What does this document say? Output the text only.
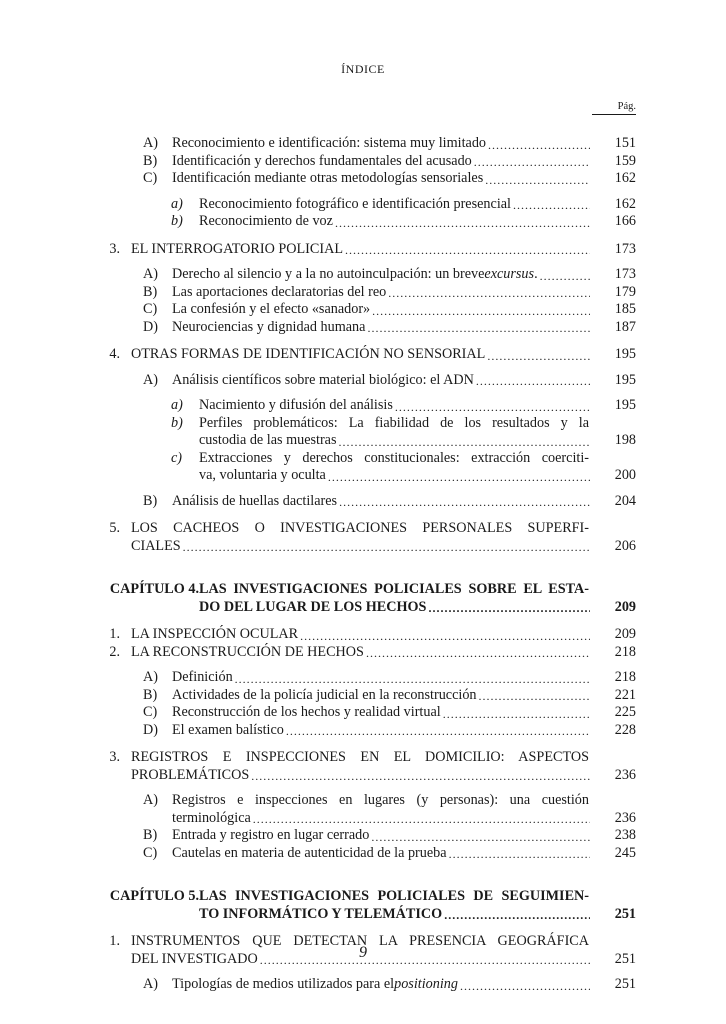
ÍNDICE
Pág.
A) Reconocimiento e identificación: sistema muy limitado .....	151
B)	Identificación y derechos fundamentales del acusado .....	159
C)	Identificación mediante otras metodologías sensoriales .....	162
a)	Reconocimiento fotográfico e identificación presencial .....	162
b)	Reconocimiento de voz .....	166
3. EL INTERROGATORIO POLICIAL .....	173
A) Derecho al silencio y a la no autoinculpación: un breve excursus . .....	173
B)	Las aportaciones declaratorias del reo .....	179
C)	La confesión y el efecto «sanador» .....	185
D) Neurociencias y dignidad humana .....	187
4. OTRAS FORMAS DE IDENTIFICACIÓN NO SENSORIAL .....	195
A) Análisis científicos sobre material biológico: el ADN .....	195
a)	Nacimiento y difusión del análisis .....	195
b)	Perfiles problemáticos: La fiabilidad de los resultados y la
custodia de las muestras .....	198
c)	Extracciones y derechos constitucionales: extracción coerciti-
va, voluntaria y oculta .....	200
B)	Análisis de huellas dactilares .....	204
5. LOS CACHEOS O INVESTIGACIONES PERSONALES SUPERFI-
CIALES .....	206
CAPÍTULO 4. LAS INVESTIGACIONES POLICIALES SOBRE EL ESTA-
DO DEL LUGAR DE LOS HECHOS .....	209
1. LA INSPECCIÓN OCULAR .....	209
2. LA RECONSTRUCCIÓN DE HECHOS .....	218
A) Definición .....	218
B)	Actividades de la policía judicial en la reconstrucción .....	221
C)	Reconstrucción de los hechos y realidad virtual .....	225
D) El examen balístico .....	228
3. REGISTROS E INSPECCIONES EN EL DOMICILIO: ASPECTOS
PROBLEMÁTICOS .....	236
A) Registros e inspecciones en lugares (y personas): una cuestión
terminológica .....	236
B)	Entrada y registro en lugar cerrado .....	238
C)	Cautelas en materia de autenticidad de la prueba .....	245
CAPÍTULO 5. LAS INVESTIGACIONES POLICIALES DE SEGUIMIEN-
TO INFORMÁTICO Y TELEMÁTICO .....	251
1. INSTRUMENTOS QUE DETECTAN LA PRESENCIA GEOGRÁFICA
DEL INVESTIGADO .....	251
A) Tipologías de medios utilizados para el positioning .....	251
9
